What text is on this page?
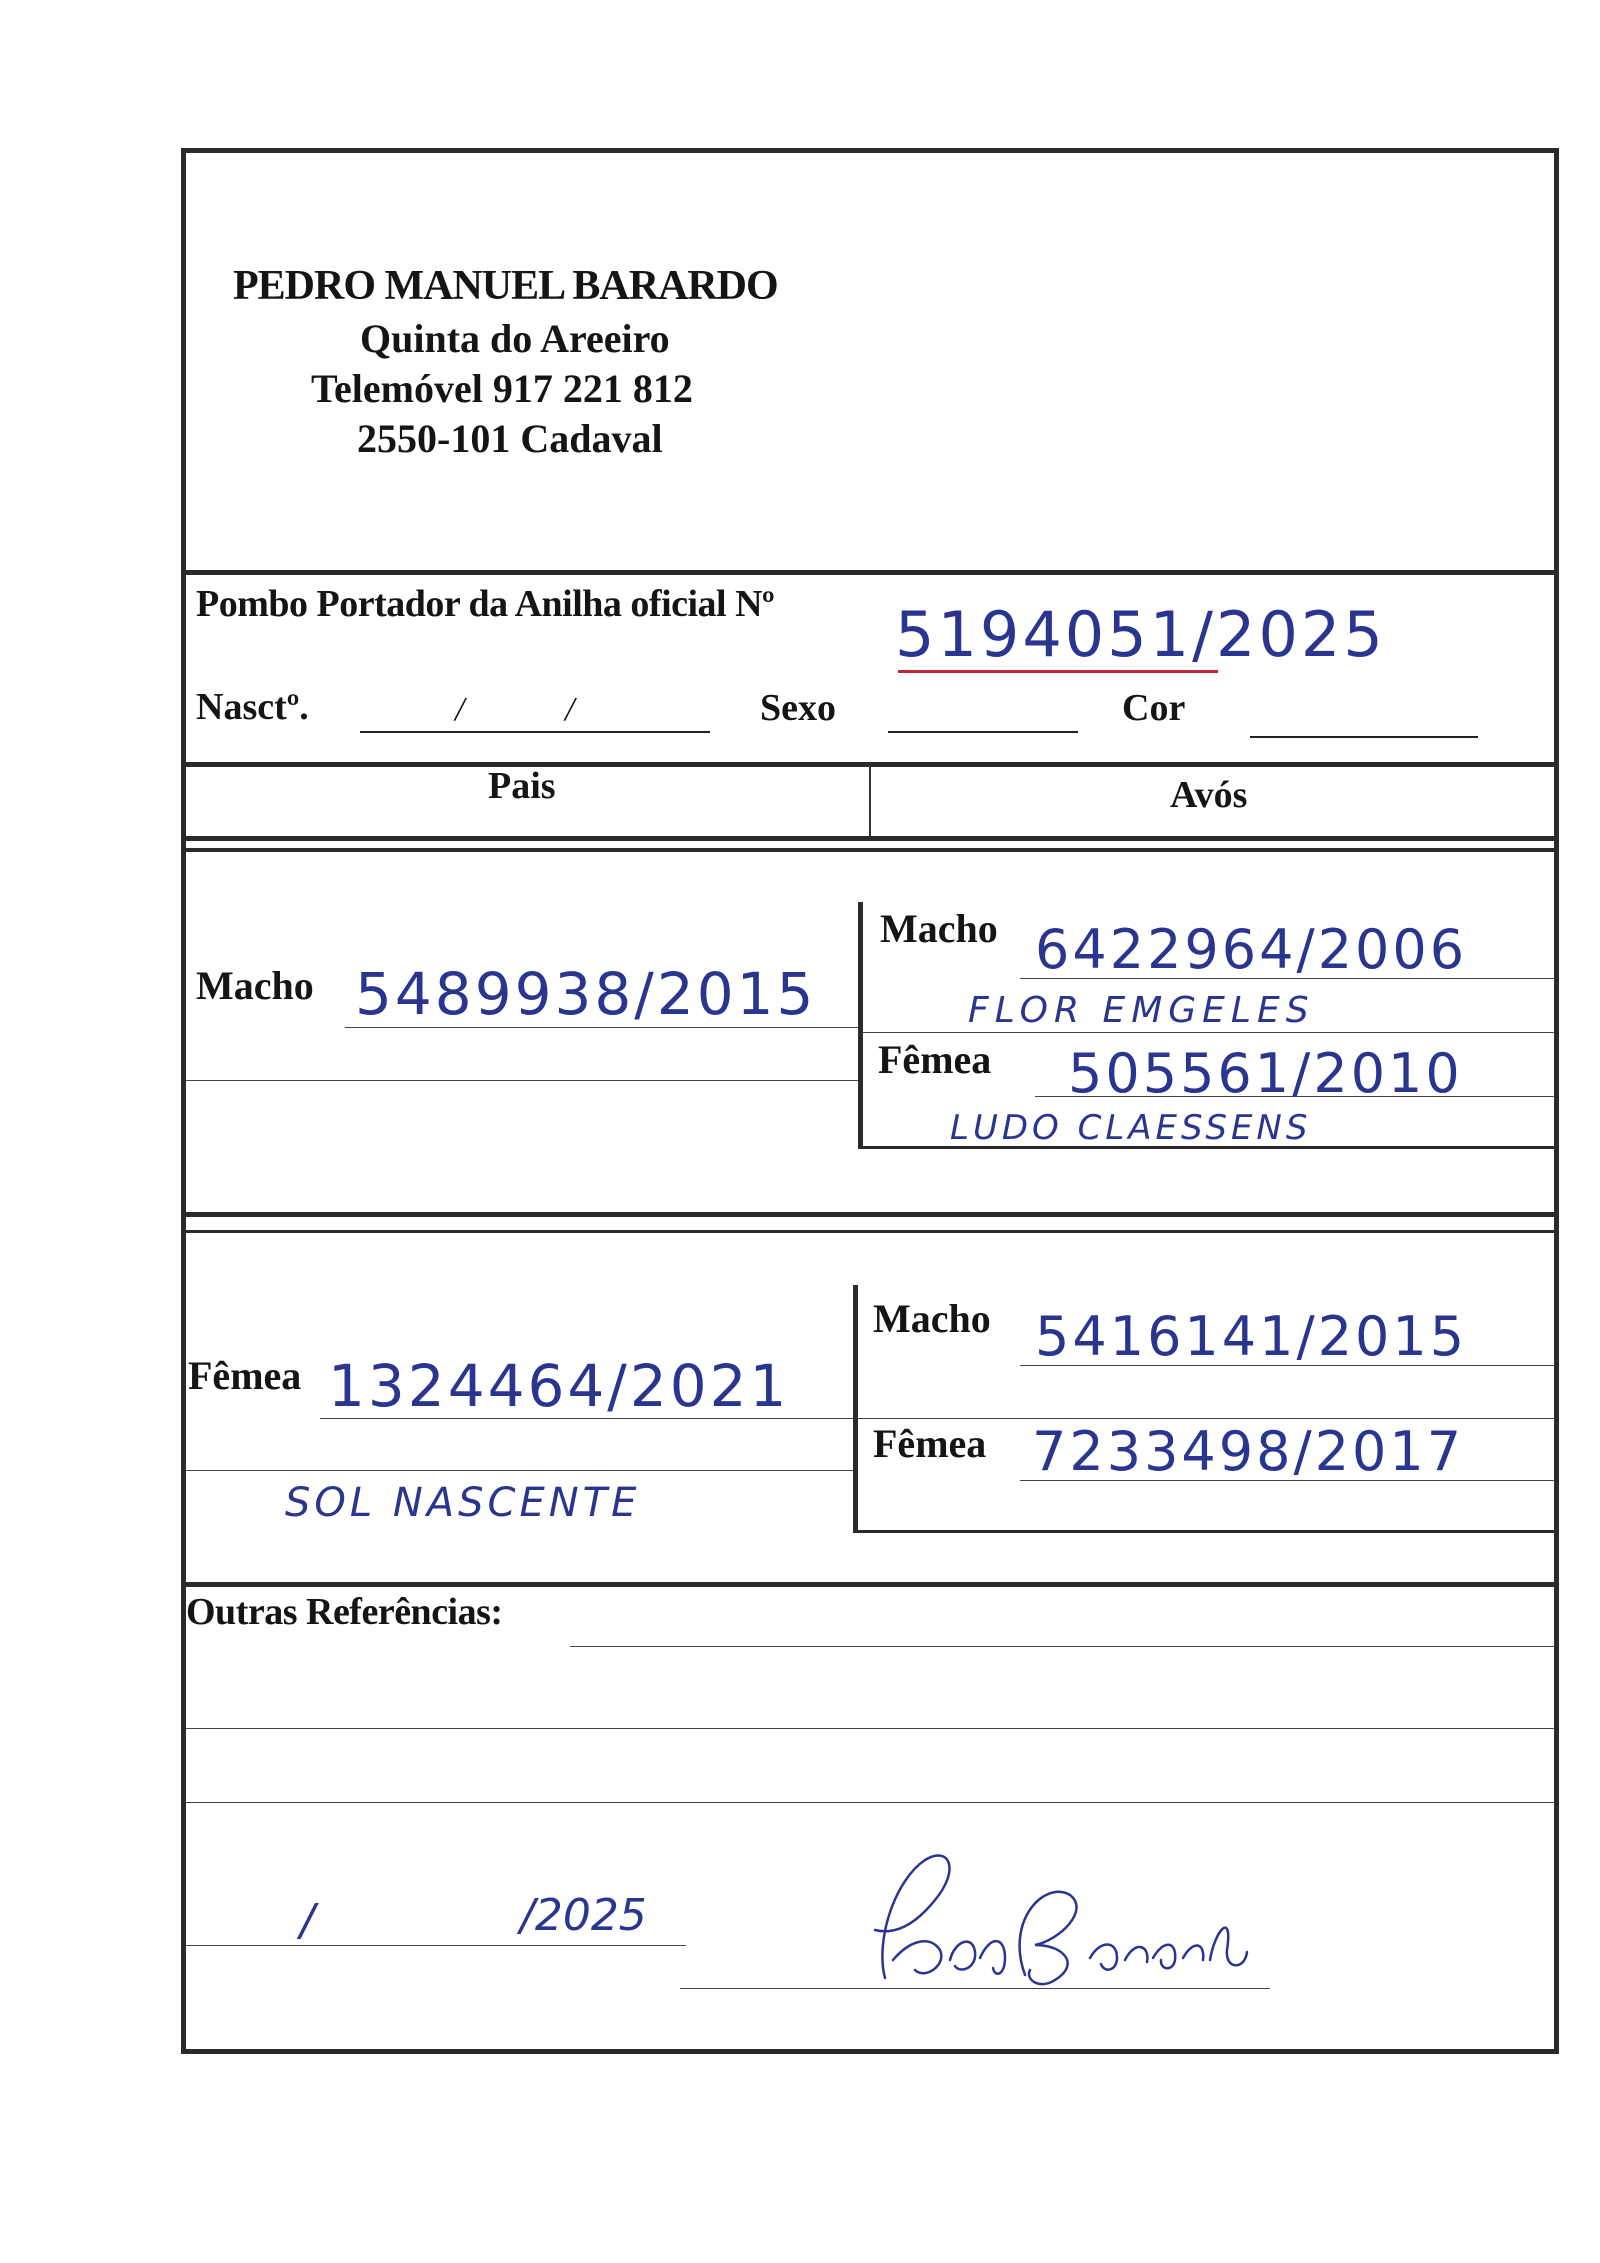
PEDRO MANUEL BARARDO
Quinta do Areeiro
Telemóvel 917 221 812
2550-101 Cadaval
Pombo Portador da Anilha oficial Nº 5194051/2025
Nasctº.	/	/	Sexo	Cor
Pais	Avós
Macho 5489938/2015
Macho 6422964/2006
FLOR EMGELES
Fêmea 505561/2010
LUDO CLAESSENS
Fêmea 1324464/2021
SOL NASCENTE
Macho 5416141/2015
Fêmea 7233498/2017
Outras Referências:
/	/2025
